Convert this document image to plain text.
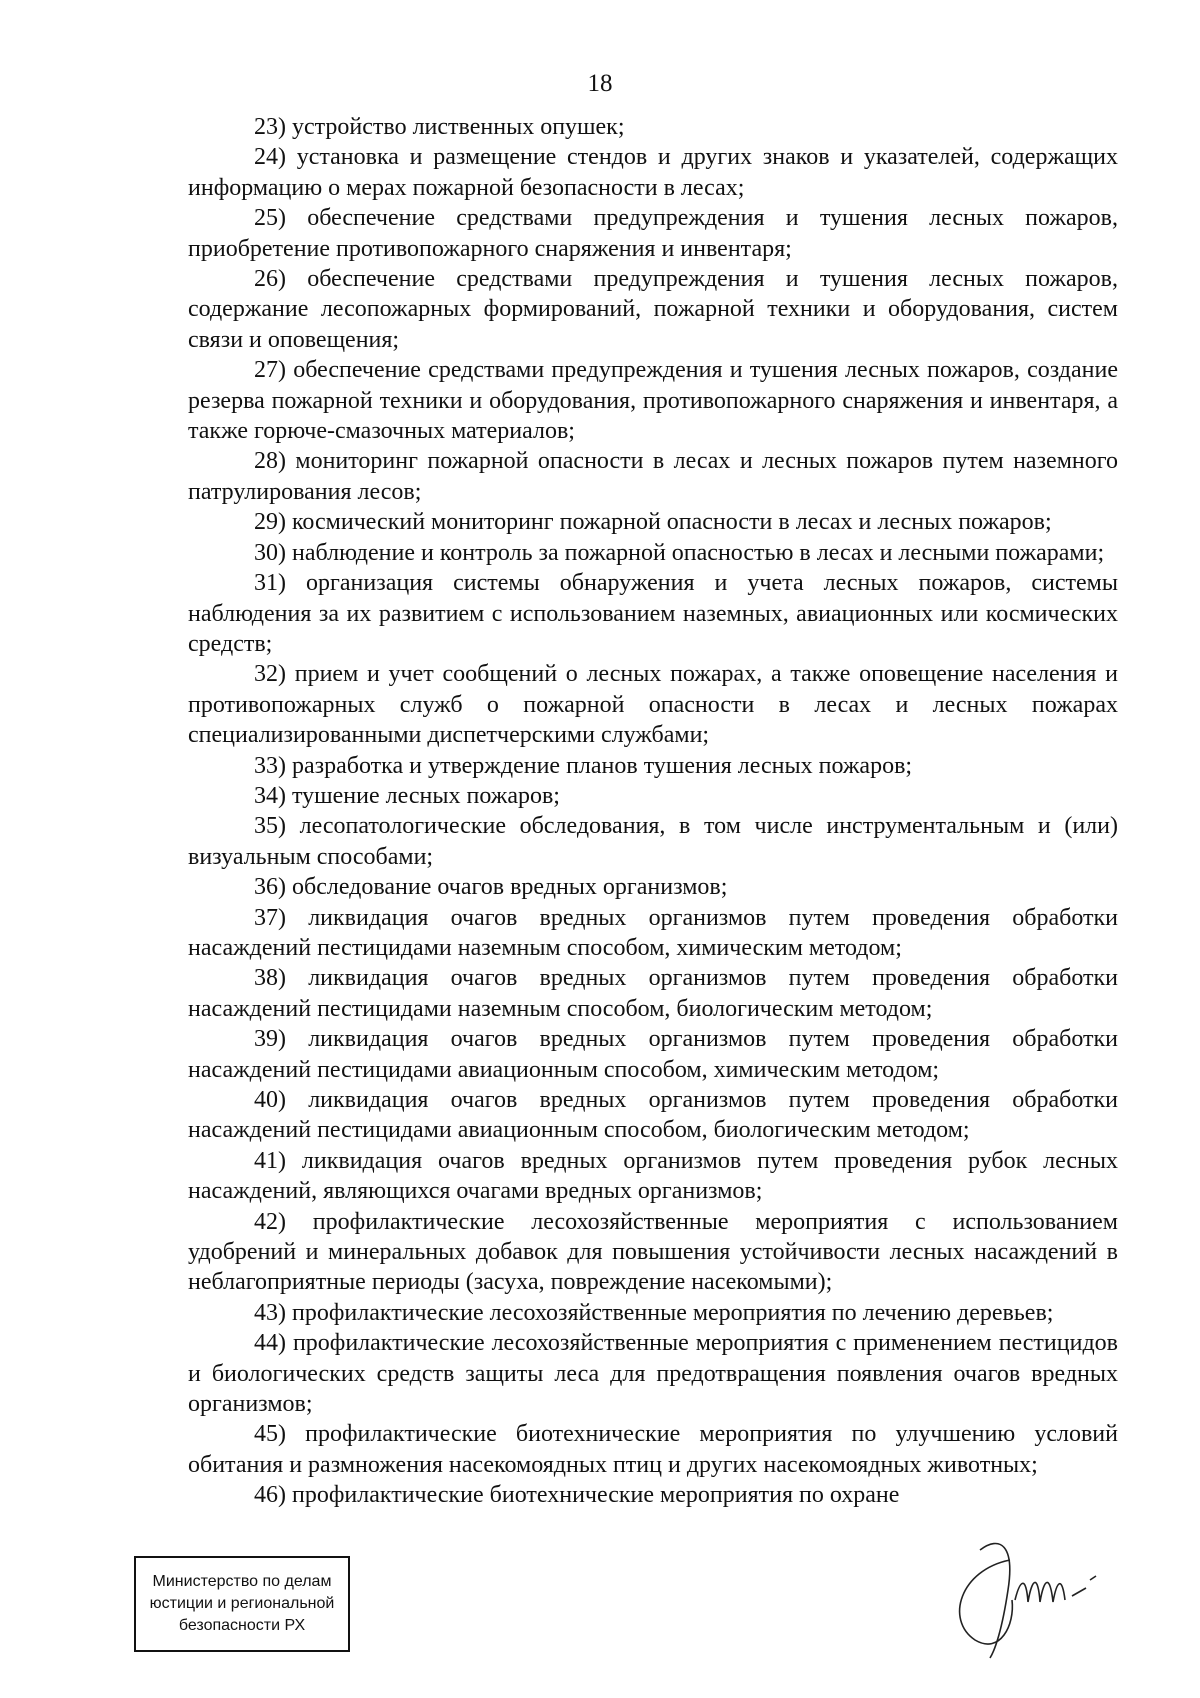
18

23) устройство лиственных опушек;

24) установка и размещение стендов и других знаков и указателей, содержащих информацию о мерах пожарной безопасности в лесах;

25) обеспечение средствами предупреждения и тушения лесных пожаров, приобретение противопожарного снаряжения и инвентаря;

26) обеспечение средствами предупреждения и тушения лесных пожаров, содержание лесопожарных формирований, пожарной техники и оборудования, систем связи и оповещения;

27) обеспечение средствами предупреждения и тушения лесных пожаров, создание резерва пожарной техники и оборудования, противопожарного снаряжения и инвентаря, а также горюче-смазочных материалов;

28) мониторинг пожарной опасности в лесах и лесных пожаров путем наземного патрулирования лесов;

29) космический мониторинг пожарной опасности в лесах и лесных пожаров;

30) наблюдение и контроль за пожарной опасностью в лесах и лесными пожарами;

31) организация системы обнаружения и учета лесных пожаров, системы наблюдения за их развитием с использованием наземных, авиационных или космических средств;

32) прием и учет сообщений о лесных пожарах, а также оповещение населения и противопожарных служб о пожарной опасности в лесах и лесных пожарах специализированными диспетчерскими службами;

33) разработка и утверждение планов тушения лесных пожаров;

34) тушение лесных пожаров;

35) лесопатологические обследования, в том числе инструментальным и (или) визуальным способами;

36) обследование очагов вредных организмов;

37) ликвидация очагов вредных организмов путем проведения обработки насаждений пестицидами наземным способом, химическим методом;

38) ликвидация очагов вредных организмов путем проведения обработки насаждений пестицидами наземным способом, биологическим методом;

39) ликвидация очагов вредных организмов путем проведения обработки насаждений пестицидами авиационным способом, химическим методом;

40) ликвидация очагов вредных организмов путем проведения обработки насаждений пестицидами авиационным способом, биологическим методом;

41) ликвидация очагов вредных организмов путем проведения рубок лесных насаждений, являющихся очагами вредных организмов;

42) профилактические лесохозяйственные мероприятия с использованием удобрений и минеральных добавок для повышения устойчивости лесных насаждений в неблагоприятные периоды (засуха, повреждение насекомыми);

43) профилактические лесохозяйственные мероприятия по лечению деревьев;

44) профилактические лесохозяйственные мероприятия с применением пестицидов и биологических средств защиты леса для предотвращения появления очагов вредных организмов;

45) профилактические биотехнические мероприятия по улучшению условий обитания и размножения насекомоядных птиц и других насекомоядных животных;

46) профилактические биотехнические мероприятия по охране

Министерство по делам
юстиции и региональной
безопасности РХ
